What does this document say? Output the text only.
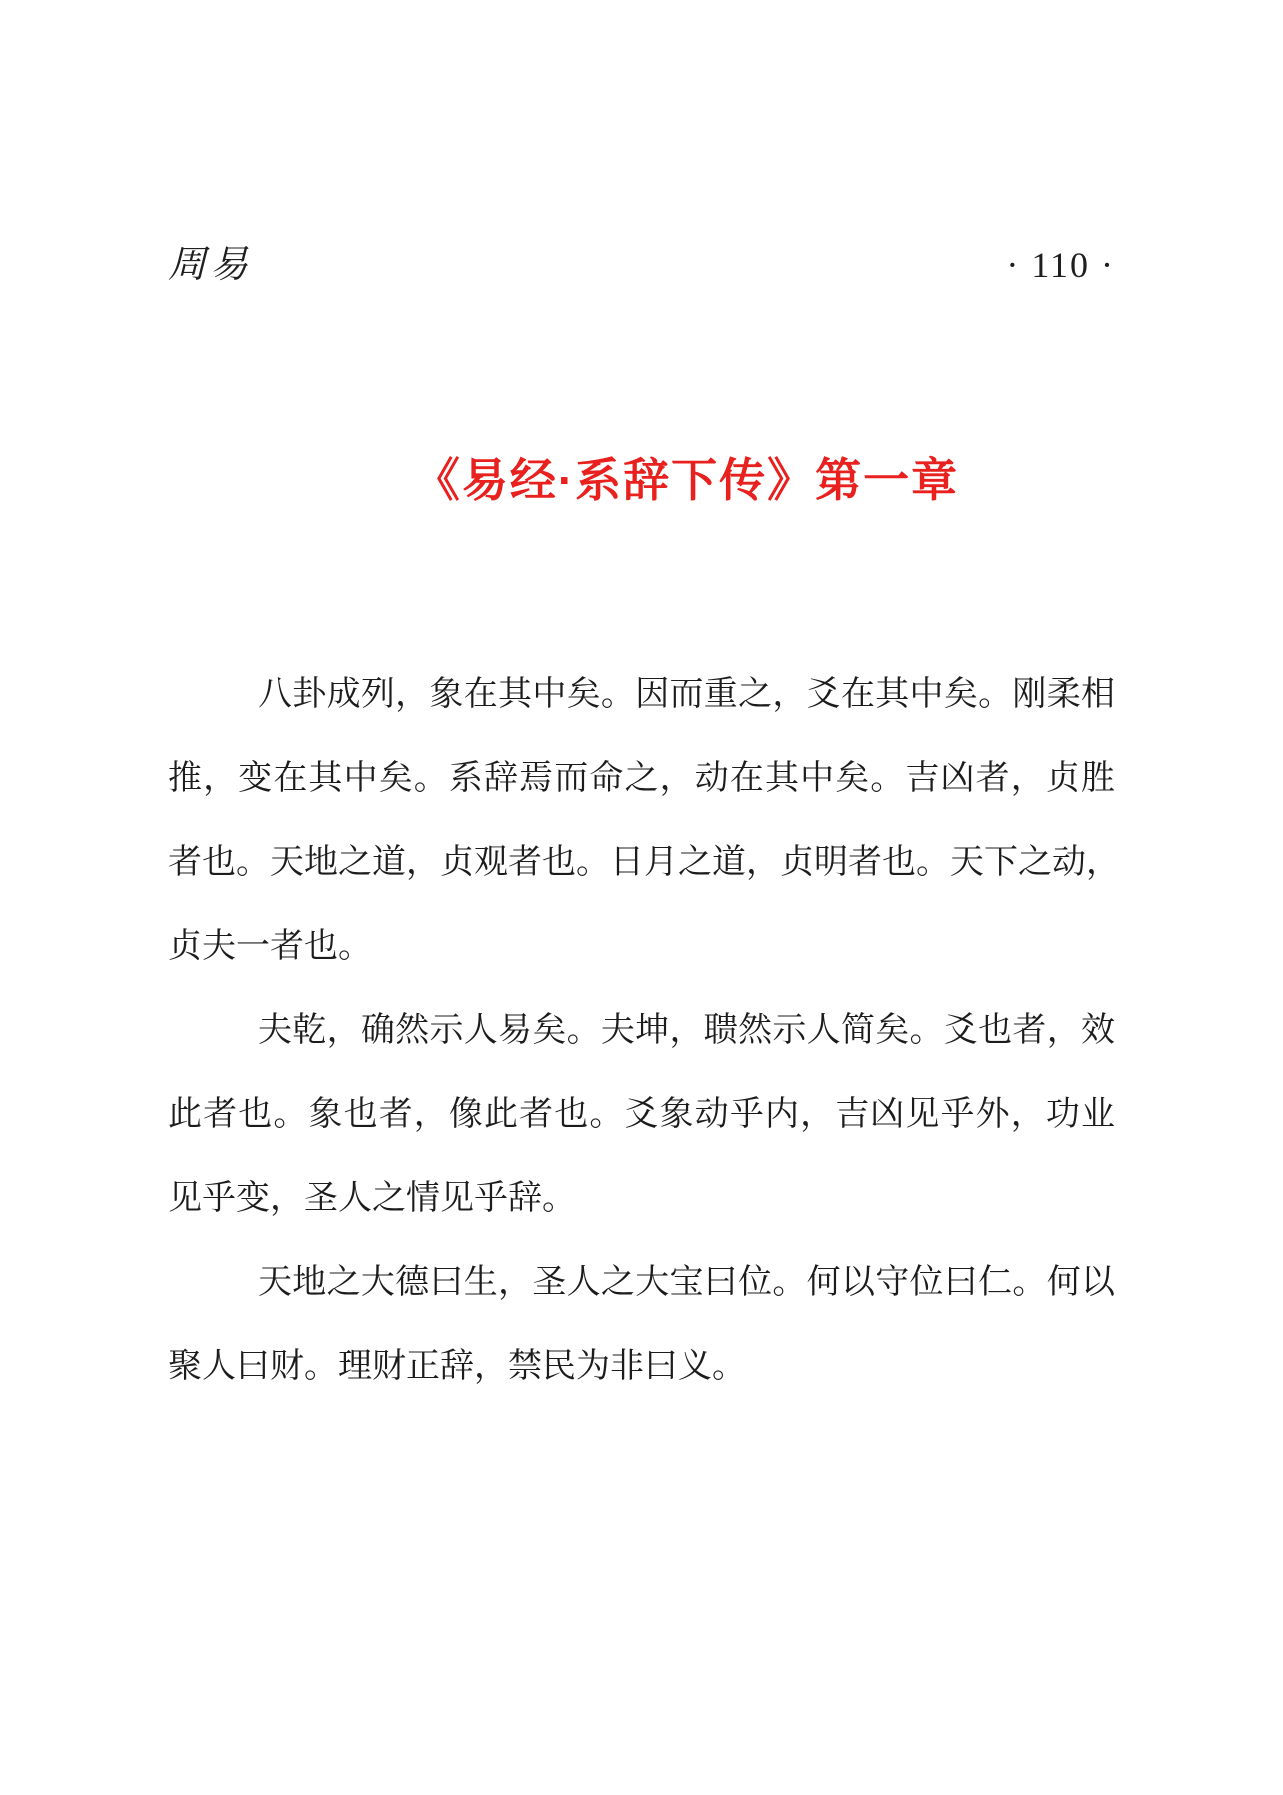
周易	· 110 ·
《易经·系辞下传》第一章
八卦成列，象在其中矣。因而重之，爻在其中矣。刚柔相
推，变在其中矣。系辞焉而命之，动在其中矣。吉凶者，贞胜
者也。天地之道，贞观者也。日月之道，贞明者也。天下之动，
贞夫一者也。
夫乾，确然示人易矣。夫坤，聩然示人简矣。爻也者，效
此者也。象也者，像此者也。爻象动乎内，吉凶见乎外，功业
见乎变，圣人之情见乎辞。
天地之大德曰生，圣人之大宝曰位。何以守位曰仁。何以
聚人曰财。理财正辞，禁民为非曰义。
